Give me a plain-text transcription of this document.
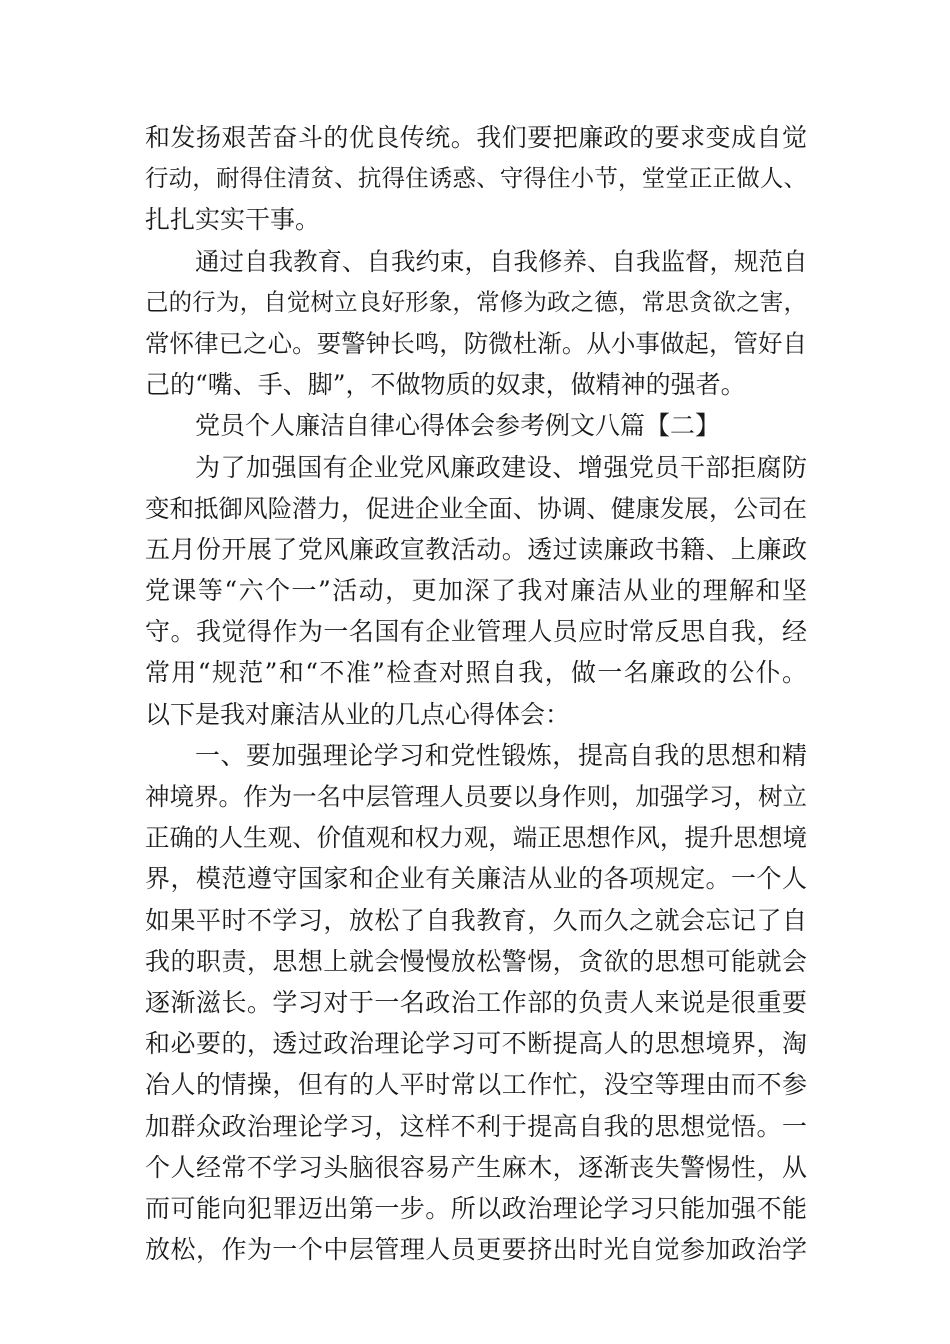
和发扬艰苦奋斗的优良传统。我们要把廉政的要求变成自觉
行动，耐得住清贫、抗得住诱惑、守得住小节，堂堂正正做人、
扎扎实实干事。
通过自我教育、自我约束，自我修养、自我监督，规范自
己的行为，自觉树立良好形象，常修为政之德，常思贪欲之害，
常怀律已之心。要警钟长鸣，防微杜渐。从小事做起，管好自
己的“嘴、手、脚”，不做物质的奴隶，做精神的强者。
党员个人廉洁自律心得体会参考例文八篇【二】
为了加强国有企业党风廉政建设、增强党员干部拒腐防
变和抵御风险潜力，促进企业全面、协调、健康发展，公司在
五月份开展了党风廉政宣教活动。透过读廉政书籍、上廉政
党课等“六个一”活动，更加深了我对廉洁从业的理解和坚
守。我觉得作为一名国有企业管理人员应时常反思自我，经
常用“规范”和“不准”检查对照自我，做一名廉政的公仆。
以下是我对廉洁从业的几点心得体会：
一、要加强理论学习和党性锻炼，提高自我的思想和精
神境界。作为一名中层管理人员要以身作则，加强学习，树立
正确的人生观、价值观和权力观，端正思想作风，提升思想境
界，模范遵守国家和企业有关廉洁从业的各项规定。一个人
如果平时不学习，放松了自我教育，久而久之就会忘记了自
我的职责，思想上就会慢慢放松警惕，贪欲的思想可能就会
逐渐滋长。学习对于一名政治工作部的负责人来说是很重要
和必要的，透过政治理论学习可不断提高人的思想境界，淘
冶人的情操，但有的人平时常以工作忙，没空等理由而不参
加群众政治理论学习，这样不利于提高自我的思想觉悟。一
个人经常不学习头脑很容易产生麻木，逐渐丧失警惕性，从
而可能向犯罪迈出第一步。所以政治理论学习只能加强不能
放松，作为一个中层管理人员更要挤出时光自觉参加政治学
